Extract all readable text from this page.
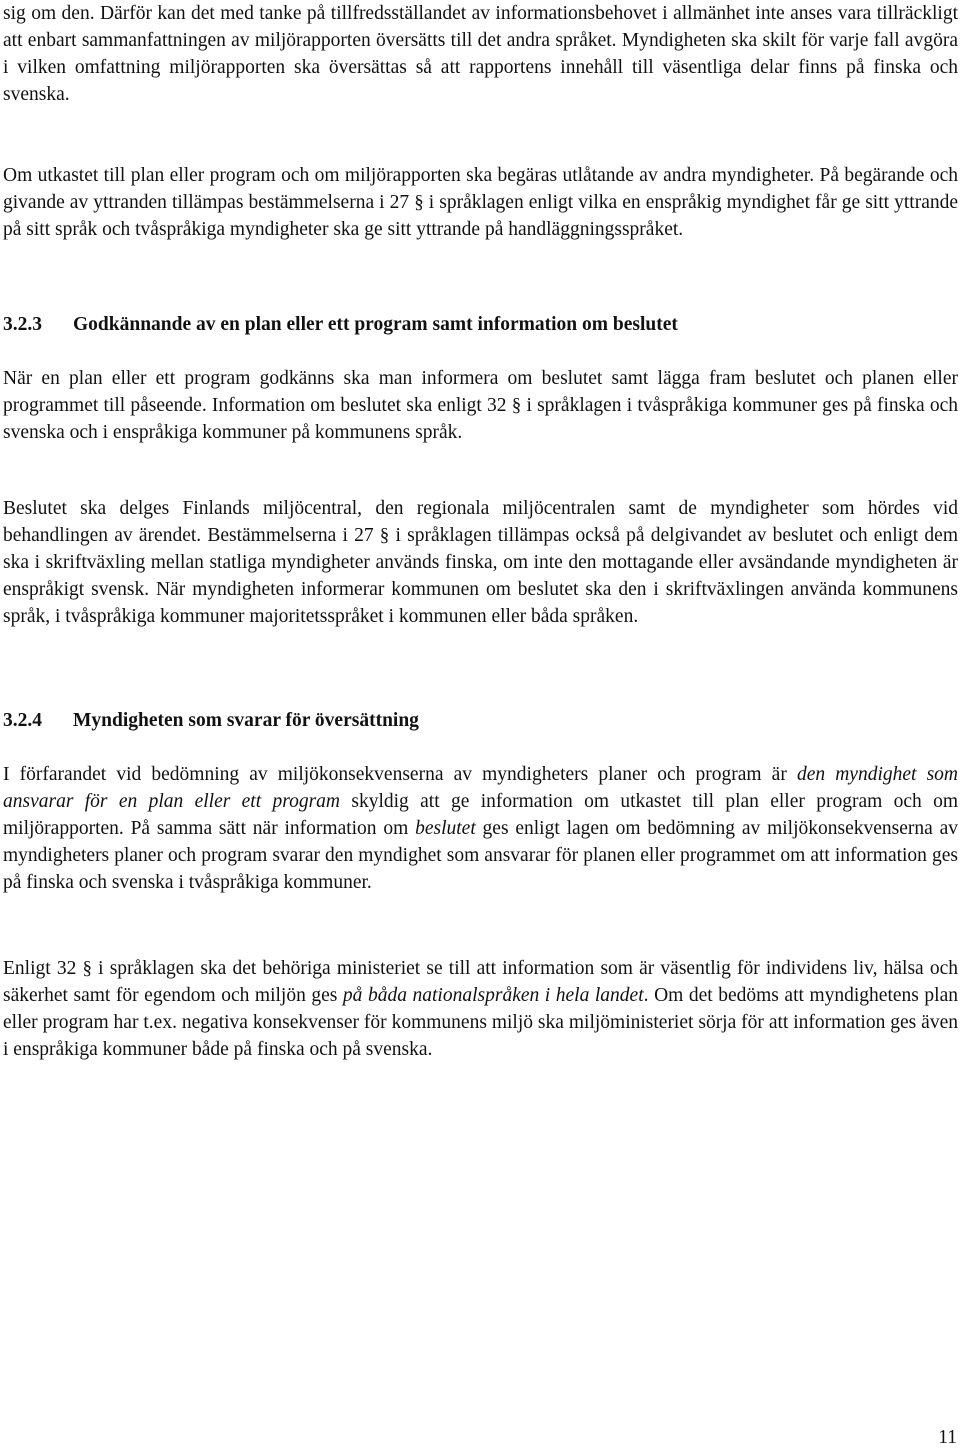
sig om den. Därför kan det med tanke på tillfredsställandet av informationsbehovet i allmänhet inte anses vara tillräckligt att enbart sammanfattningen av miljörapporten översätts till det andra språket. Myndigheten ska skilt för varje fall avgöra i vilken omfattning miljörapporten ska översättas så att rapportens innehåll till väsentliga delar finns på finska och svenska.

Om utkastet till plan eller program och om miljörapporten ska begäras utlåtande av andra myndigheter. På begärande och givande av yttranden tillämpas bestämmelserna i 27 § i språklagen enligt vilka en enspråkig myndighet får ge sitt yttrande på sitt språk och tvåspråkiga myndigheter ska ge sitt yttrande på handläggningsspråket.

3.2.3 Godkännande av en plan eller ett program samt information om beslutet

När en plan eller ett program godkänns ska man informera om beslutet samt lägga fram beslutet och planen eller programmet till påseende. Information om beslutet ska enligt 32 § i språklagen i tvåspråkiga kommuner ges på finska och svenska och i enspråkiga kommuner på kommunens språk.

Beslutet ska delges Finlands miljöcentral, den regionala miljöcentralen samt de myndigheter som hördes vid behandlingen av ärendet. Bestämmelserna i 27 § i språklagen tillämpas också på delgivandet av beslutet och enligt dem ska i skriftväxling mellan statliga myndigheter används finska, om inte den mottagande eller avsändande myndigheten är enspråkigt svensk. När myndigheten informerar kommunen om beslutet ska den i skriftväxlingen använda kommunens språk, i tvåspråkiga kommuner majoritetsspråket i kommunen eller båda språken.

3.2.4 Myndigheten som svarar för översättning

I förfarandet vid bedömning av miljökonsekvenserna av myndigheters planer och program är den myndighet som ansvarar för en plan eller ett program skyldig att ge information om utkastet till plan eller program och om miljörapporten. På samma sätt när information om beslutet ges enligt lagen om bedömning av miljökonsekvenserna av myndigheters planer och program svarar den myndighet som ansvarar för planen eller programmet om att information ges på finska och svenska i tvåspråkiga kommuner.

Enligt 32 § i språklagen ska det behöriga ministeriet se till att information som är väsentlig för individens liv, hälsa och säkerhet samt för egendom och miljön ges på båda nationalspråken i hela landet. Om det bedöms att myndighetens plan eller program har t.ex. negativa konsekvenser för kommunens miljö ska miljöministeriet sörja för att information ges även i enspråkiga kommuner både på finska och på svenska.

11
